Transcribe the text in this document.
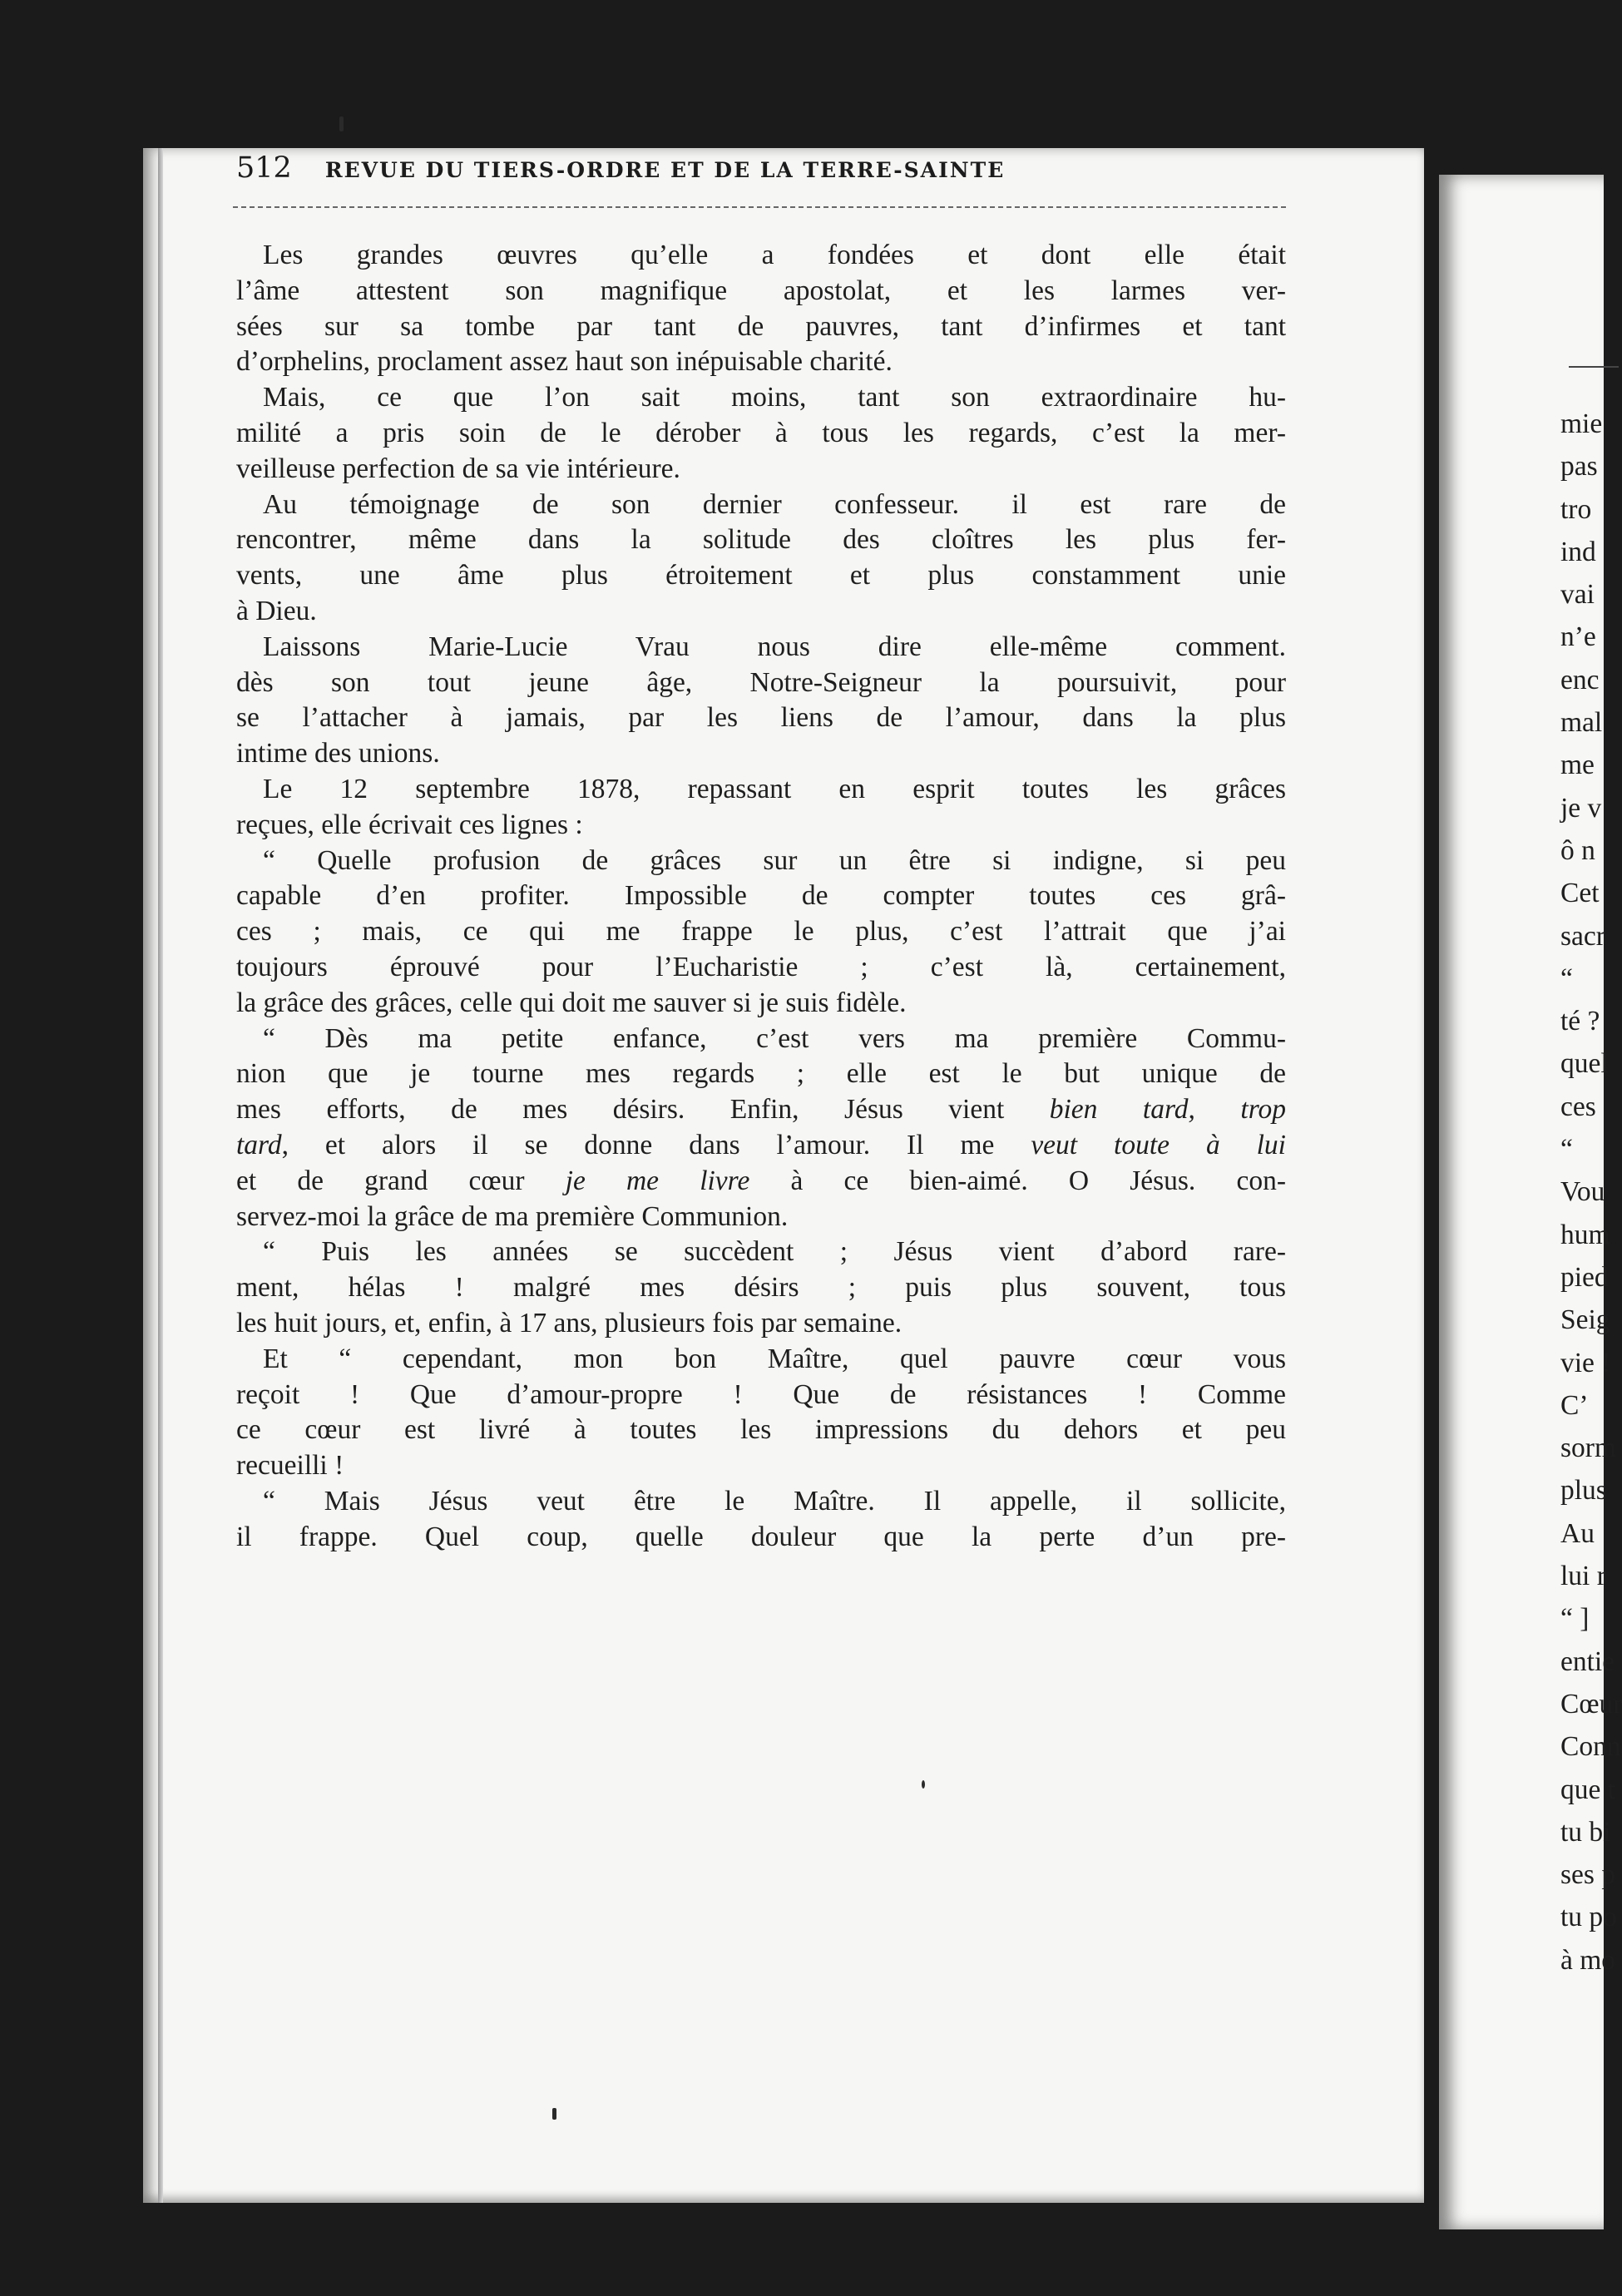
512 REVUE DU TIERS-ORDRE ET DE LA TERRE-SAINTE
Les grandes œuvres qu’elle a fondées et dont elle était
l’âme attestent son magnifique apostolat, et les larmes ver-
sées sur sa tombe par tant de pauvres, tant d’infirmes et tant
d’orphelins, proclament assez haut son inépuisable charité.
Mais, ce que l’on sait moins, tant son extraordinaire hu-
milité a pris soin de le dérober à tous les regards, c’est la mer-
veilleuse perfection de sa vie intérieure.
Au témoignage de son dernier confesseur. il est rare de
rencontrer, même dans la solitude des cloîtres les plus fer-
vents, une âme plus étroitement et plus constamment unie
à Dieu.
Laissons Marie-Lucie Vrau nous dire elle-même comment.
dès son tout jeune âge, Notre-Seigneur la poursuivit, pour
se l’attacher à jamais, par les liens de l’amour, dans la plus
intime des unions.
Le 12 septembre 1878, repassant en esprit toutes les grâces
reçues, elle écrivait ces lignes :
“ Quelle profusion de grâces sur un être si indigne, si peu
capable d’en profiter. Impossible de compter toutes ces grâ-
ces ; mais, ce qui me frappe le plus, c’est l’attrait que j’ai
toujours éprouvé pour l’Eucharistie ; c’est là, certainement,
la grâce des grâces, celle qui doit me sauver si je suis fidèle.
“ Dès ma petite enfance, c’est vers ma première Commu-
nion que je tourne mes regards ; elle est le but unique de
mes efforts, de mes désirs. Enfin, Jésus vient bien tard, trop
tard, et alors il se donne dans l’amour. Il me veut toute à lui
et de grand cœur je me livre à ce bien-aimé. O Jésus. con-
servez-moi la grâce de ma première Communion.
“ Puis les années se succèdent ; Jésus vient d’abord rare-
ment, hélas ! malgré mes désirs ; puis plus souvent, tous
les huit jours, et, enfin, à 17 ans, plusieurs fois par semaine.
Et “ cependant, mon bon Maître, quel pauvre cœur vous
reçoit ! Que d’amour-propre ! Que de résistances ! Comme
ce cœur est livré à toutes les impressions du dehors et peu
recueilli !
“ Mais Jésus veut être le Maître. Il appelle, il sollicite,
il frappe. Quel coup, quelle douleur que la perte d’un pre-
mie
pas
tro
ind
vai
n’e
enc
mal
me
je v
ô n
Cet
sacr
“
té ?
quel
ces
“
Vou
hum
pied
Seig
vie !
C’
sorm
plus
Au
lui r
“ ]
entie
Cœur
Conn
que t
tu bi
ses p
tu po
à mo
